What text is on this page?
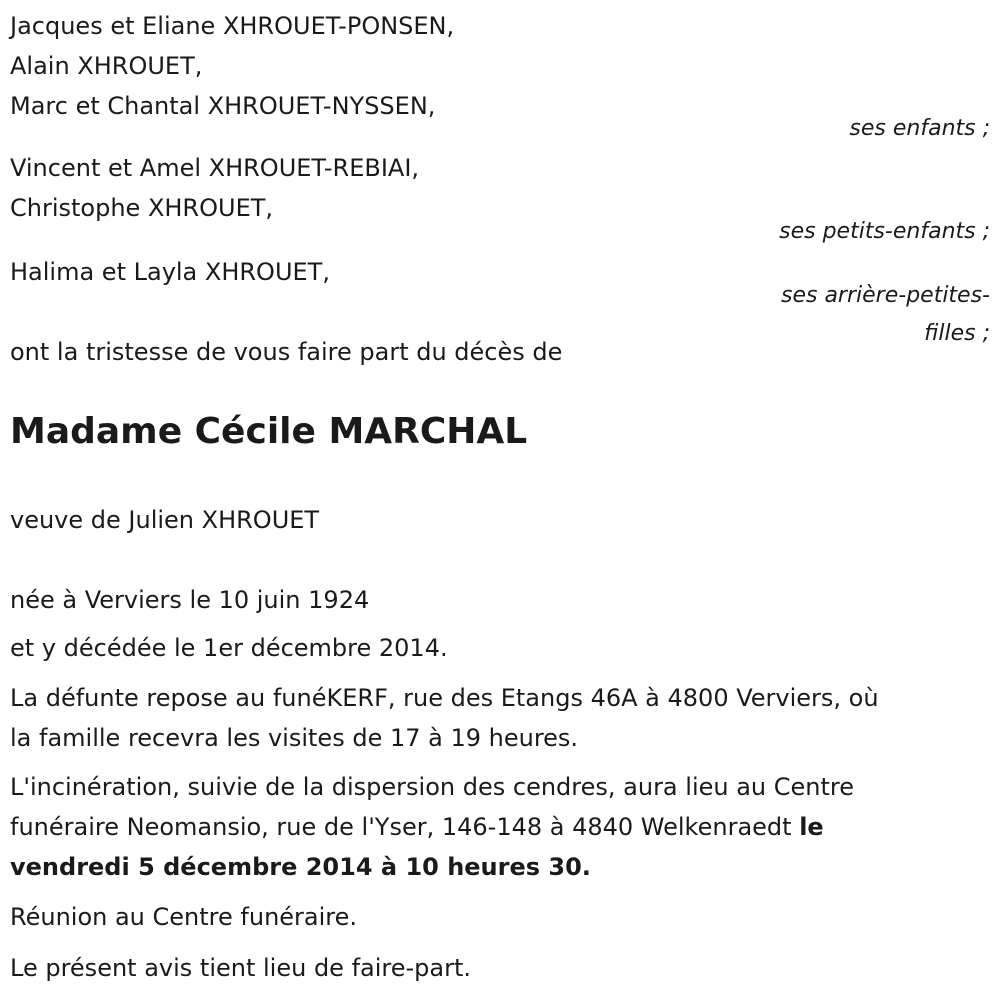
Jacques et Eliane XHROUET-PONSEN,

Alain XHROUET,

Marc et Chantal XHROUET-NYSSEN,

ses enfants ;

Vincent et Amel XHROUET-REBIAI,

Christophe XHROUET,

ses petits-enfants ;

Halima et Layla XHROUET,

ses arrière-petites-

filles ;

ont la tristesse de vous faire part du décès de

Madame Cécile MARCHAL

veuve de Julien XHROUET

née à Verviers le 10 juin 1924

et y décédée le 1er décembre 2014.

La défunte repose au funéKERF, rue des Etangs 46A à 4800 Verviers, où

la famille recevra les visites de 17 à 19 heures.

L'incinération, suivie de la dispersion des cendres, aura lieu au Centre

funéraire Neomansio, rue de l'Yser, 146-148 à 4840 Welkenraedt le

vendredi 5 décembre 2014 à 10 heures 30.

Réunion au Centre funéraire.

Le présent avis tient lieu de faire-part.
